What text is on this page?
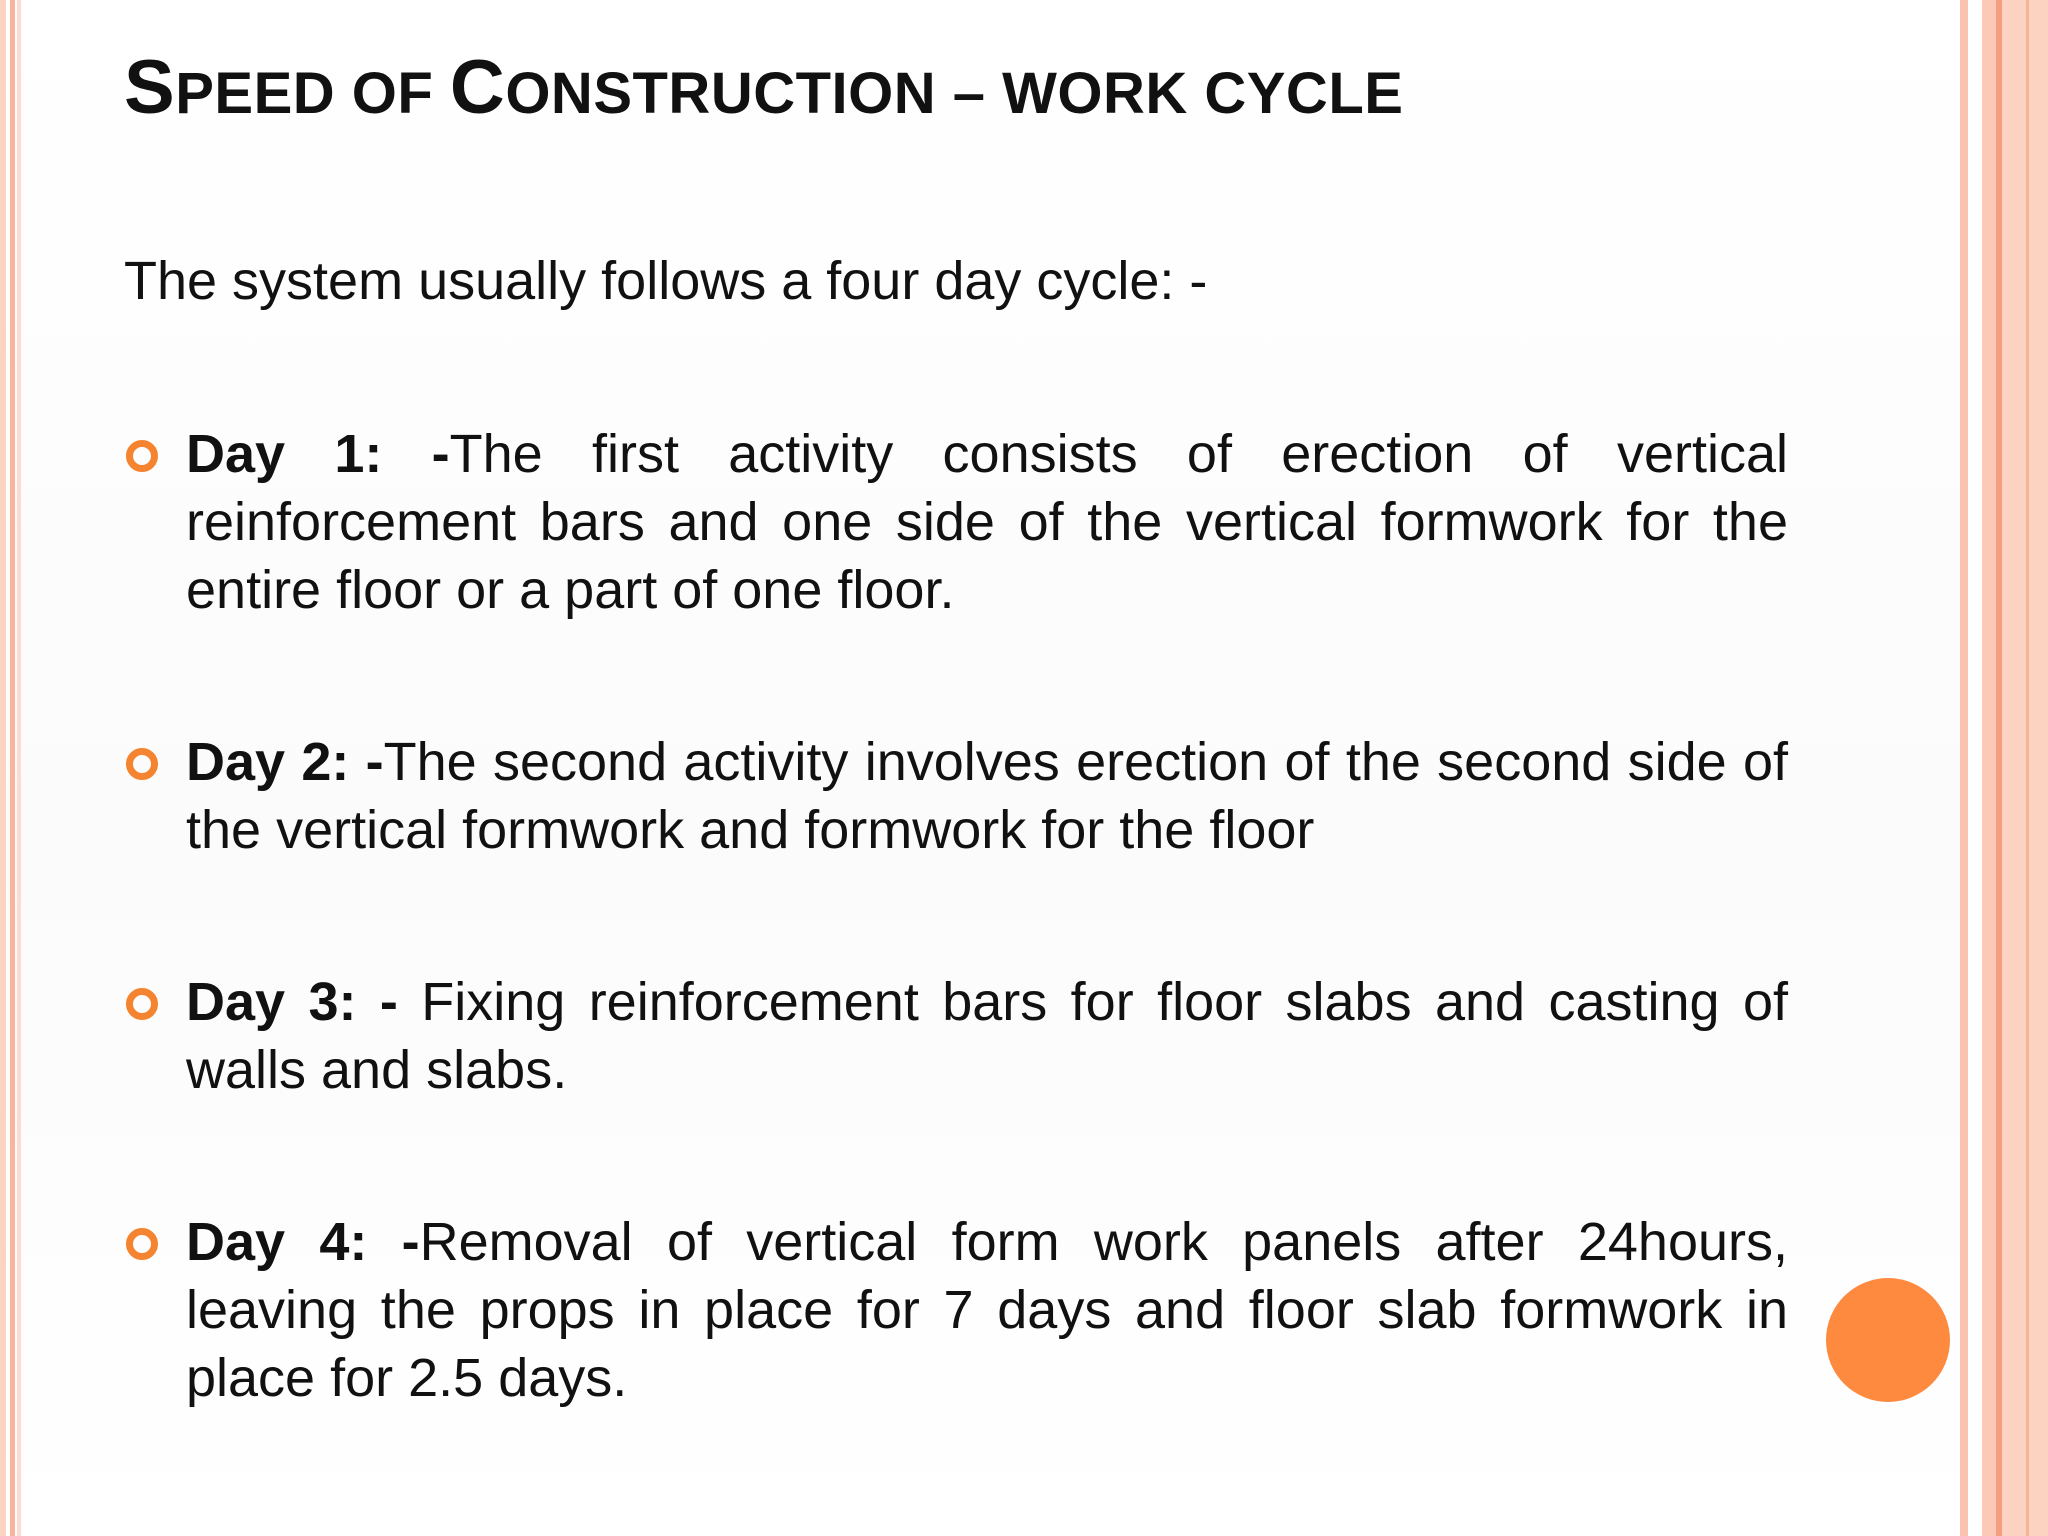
SPEED OF CONSTRUCTION – WORK CYCLE
The system usually follows a four day cycle: -
Day 1: -The first activity consists of erection of vertical reinforcement bars and one side of the vertical formwork for the entire floor or a part of one floor.
Day 2: -The second activity involves erection of the second side of the vertical formwork and formwork for the floor
Day 3: - Fixing reinforcement bars for floor slabs and casting of walls and slabs.
Day 4: -Removal of vertical form work panels after 24hours, leaving the props in place for 7 days and floor slab formwork in place for 2.5 days.
